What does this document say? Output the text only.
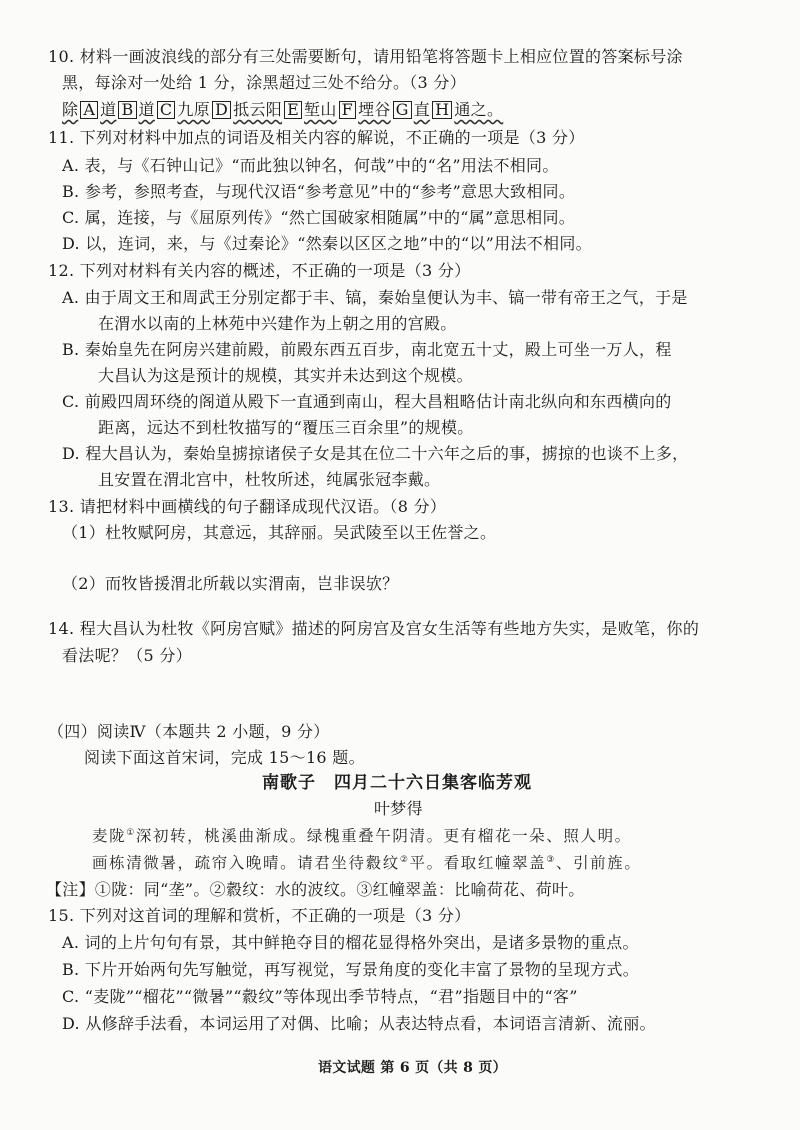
10. 材料一画波浪线的部分有三处需要断句，请用铅笔将答题卡上相应位置的答案标号涂
黑，每涂对一处给 1 分，涂黑超过三处不给分。（3 分）
除 A 道 B 道 C 九原 D 抵云阳 E 堑山 F 堙谷 G 直 H 通之。
11. 下列对材料中加点的词语及相关内容的解说，不正确的一项是（3 分）
A. 表，与《石钟山记》“而此独以钟名，何哉”中的“名”用法不相同。
B. 参考，参照考查，与现代汉语“参考意见”中的“参考”意思大致相同。
C. 属，连接，与《屈原列传》“然亡国破家相随属”中的“属”意思相同。
D. 以，连词，来，与《过秦论》“然秦以区区之地”中的“以”用法不相同。
12. 下列对材料有关内容的概述，不正确的一项是（3 分）
A. 由于周文王和周武王分别定都于丰、镐，秦始皇便认为丰、镐一带有帝王之气，于是
在渭水以南的上林苑中兴建作为上朝之用的宫殿。
B. 秦始皇先在阿房兴建前殿，前殿东西五百步，南北宽五十丈，殿上可坐一万人，程
大昌认为这是预计的规模，其实并未达到这个规模。
C. 前殿四周环绕的阁道从殿下一直通到南山，程大昌粗略估计南北纵向和东西横向的
距离，远达不到杜牧描写的“覆压三百余里”的规模。
D. 程大昌认为，秦始皇掳掠诸侯子女是其在位二十六年之后的事，掳掠的也谈不上多，
且安置在渭北宫中，杜牧所述，纯属张冠李戴。
13. 请把材料中画横线的句子翻译成现代汉语。（8 分）
（1）杜牧赋阿房，其意远，其辞丽。吴武陵至以王佐誉之。
（2）而牧皆援渭北所载以实渭南，岂非误欤？
14. 程大昌认为杜牧《阿房宫赋》描述的阿房宫及宫女生活等有些地方失实，是败笔，你的
看法呢？（5 分）
（四）阅读Ⅳ（本题共 2 小题，9 分）
阅读下面这首宋词，完成 15～16 题。
南歌子　四月二十六日集客临芳观
叶梦得
麦陇①深初转，桃溪曲渐成。绿槐重叠午阴清。更有榴花一朵、照人明。
画栋清微暑，疏帘入晚晴。请君坐待縠纹②平。看取红幢翠盖③、引前旌。
【注】①陇：同“垄”。②縠纹：水的波纹。③红幢翠盖：比喻荷花、荷叶。
15. 下列对这首词的理解和赏析，不正确的一项是（3 分）
A. 词的上片句句有景，其中鲜艳夺目的榴花显得格外突出，是诸多景物的重点。
B. 下片开始两句先写触觉，再写视觉，写景角度的变化丰富了景物的呈现方式。
C. “麦陇”“榴花”“微暑”“縠纹”等体现出季节特点，“君”指题目中的“客”
D. 从修辞手法看，本词运用了对偶、比喻；从表达特点看，本词语言清新、流丽。
语文试题 第 6 页（共 8 页）
